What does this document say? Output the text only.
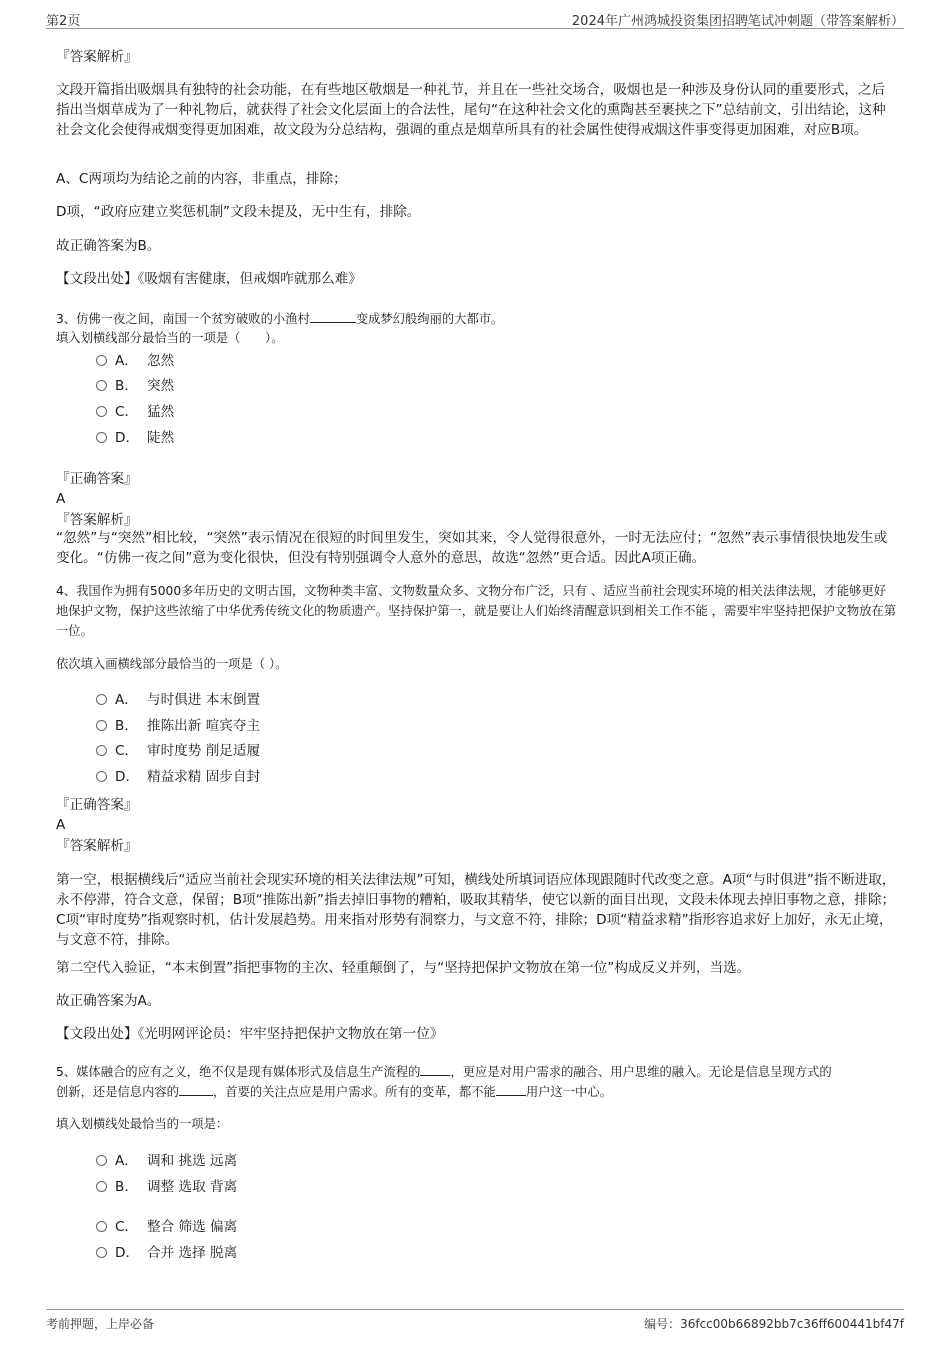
第2页	2024年广州鸿城投资集团招聘笔试冲刺题（带答案解析）
『答案解析』

文段开篇指出吸烟具有独特的社会功能，在有些地区敬烟是一种礼节，并且在一些社交场合，吸烟也是一种涉及身份认同的重要形式，之后指出当烟草成为了一种礼物后，就获得了社会文化层面上的合法性，尾句“在这种社会文化的熏陶甚至裹挟之下”总结前文，引出结论，这种社会文化会使得戒烟变得更加困难，故文段为分总结构，强调的重点是烟草所具有的社会属性使得戒烟这件事变得更加困难，对应B项。

A、C两项均为结论之前的内容，非重点，排除；

D项，“政府应建立奖惩机制”文段未提及，无中生有，排除。

故正确答案为B。

【文段出处】《吸烟有害健康，但戒烟咋就那么难》

3、仿佛一夜之间，南国一个贫穷破败的小渔村	变成梦幻般绚丽的大都市。

填入划横线部分最恰当的一项是（　　）。

A． 忽然
B． 突然
C． 猛然
D． 陡然
『正确答案』
A
『答案解析』

“忽然”与“突然”相比较，“突然”表示情况在很短的时间里发生，突如其来，令人觉得很意外，一时无法应付；“忽然”表示事情很快地发生或变化。“仿佛一夜之间”意为变化很快，但没有特别强调令人意外的意思，故选“忽然”更合适。因此A项正确。

4、我国作为拥有5000多年历史的文明古国，文物种类丰富、文物数量众多、文物分布广泛，只有 、适应当前社会现实环境的相关法律法规，才能够更好地保护文物，保护这些浓缩了中华优秀传统文化的物质遗产。坚持保护第一，就是要让人们始终清醒意识到相关工作不能 ，需要牢牢坚持把保护文物放在第一位。

依次填入画横线部分最恰当的一项是（ ）。

A． 与时俱进 本末倒置
B． 推陈出新 喧宾夺主
C． 审时度势 削足适履
D． 精益求精 固步自封
『正确答案』
A
『答案解析』

第一空，根据横线后“适应当前社会现实环境的相关法律法规”可知，横线处所填词语应体现跟随时代改变之意。A项“与时俱进”指不断进取，永不停滞，符合文意，保留；B项“推陈出新”指去掉旧事物的糟粕，吸取其精华，使它以新的面目出现，文段未体现去掉旧事物之意，排除；C项“审时度势”指观察时机，估计发展趋势。用来指对形势有洞察力，与文意不符，排除；D项“精益求精”指形容追求好上加好，永无止境，与文意不符，排除。

第二空代入验证，“本末倒置”指把事物的主次、轻重颠倒了，与“坚持把保护文物放在第一位”构成反义并列，当选。

故正确答案为A。

【文段出处】《光明网评论员：牢牢坚持把保护文物放在第一位》

5、媒体融合的应有之义，绝不仅是现有媒体形式及信息生产流程的 ，更应是对用户需求的融合、用户思维的融入。无论是信息呈现方式的
创新，还是信息内容的	，首要的关注点应是用户需求。所有的变革，都不能 用户这一中心。

填入划横线处最恰当的一项是：

A． 调和 挑选 远离
B． 调整 选取 背离
C． 整合 筛选 偏离
D． 合并 选择 脱离
考前押题，上岸必备	编号：36fcc00b66892bb7c36ff600441bf47f
